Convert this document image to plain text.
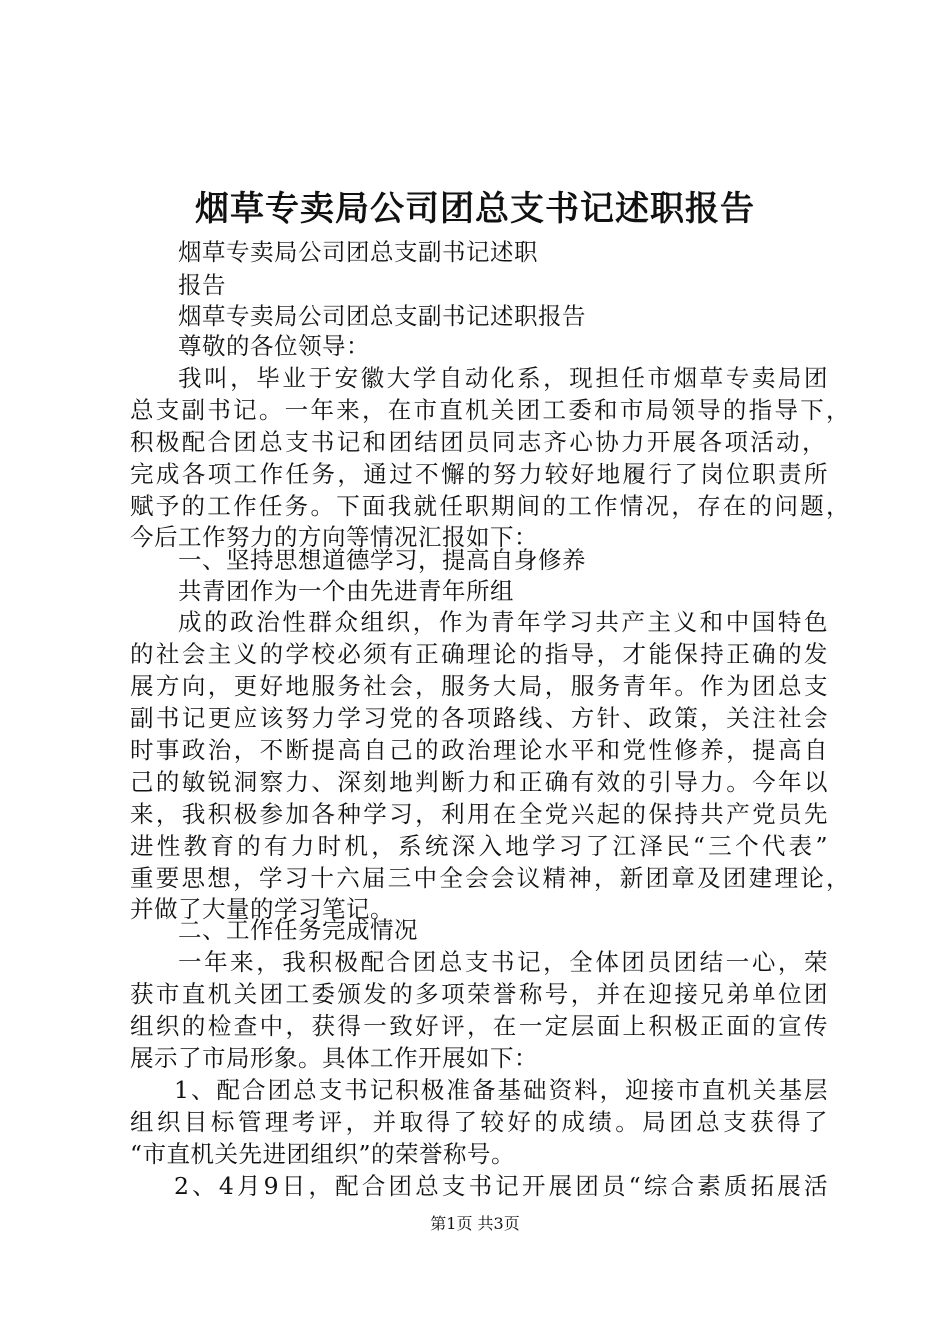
烟草专卖局公司团总支书记述职报告
烟草专卖局公司团总支副书记述职
报告
烟草专卖局公司团总支副书记述职报告
尊敬的各位领导：
我叫，毕业于安徽大学自动化系，现担任市烟草专卖局团
总支副书记。一年来，在市直机关团工委和市局领导的指导下，
积极配合团总支书记和团结团员同志齐心协力开展各项活动，
完成各项工作任务，通过不懈的努力较好地履行了岗位职责所
赋予的工作任务。下面我就任职期间的工作情况，存在的问题，
今后工作努力的方向等情况汇报如下：
一、坚持思想道德学习，提高自身修养
共青团作为一个由先进青年所组
成的政治性群众组织，作为青年学习共产主义和中国特色
的社会主义的学校必须有正确理论的指导，才能保持正确的发
展方向，更好地服务社会，服务大局，服务青年。作为团总支
副书记更应该努力学习党的各项路线、方针、政策，关注社会
时事政治，不断提高自己的政治理论水平和党性修养，提高自
己的敏锐洞察力、深刻地判断力和正确有效的引导力。今年以
来，我积极参加各种学习，利用在全党兴起的保持共产党员先
进性教育的有力时机，系统深入地学习了江泽民“三个代表”
重要思想，学习十六届三中全会会议精神，新团章及团建理论，
并做了大量的学习笔记。
二、工作任务完成情况
一年来，我积极配合团总支书记，全体团员团结一心，荣
获市直机关团工委颁发的多项荣誉称号，并在迎接兄弟单位团
组织的检查中，获得一致好评，在一定层面上积极正面的宣传
展示了市局形象。具体工作开展如下：
1、配合团总支书记积极准备基础资料，迎接市直机关基层
组织目标管理考评，并取得了较好的成绩。局团总支获得了
“市直机关先进团组织”的荣誉称号。
2、4月9日，配合团总支书记开展团员“综合素质拓展活
第1页 共3页
